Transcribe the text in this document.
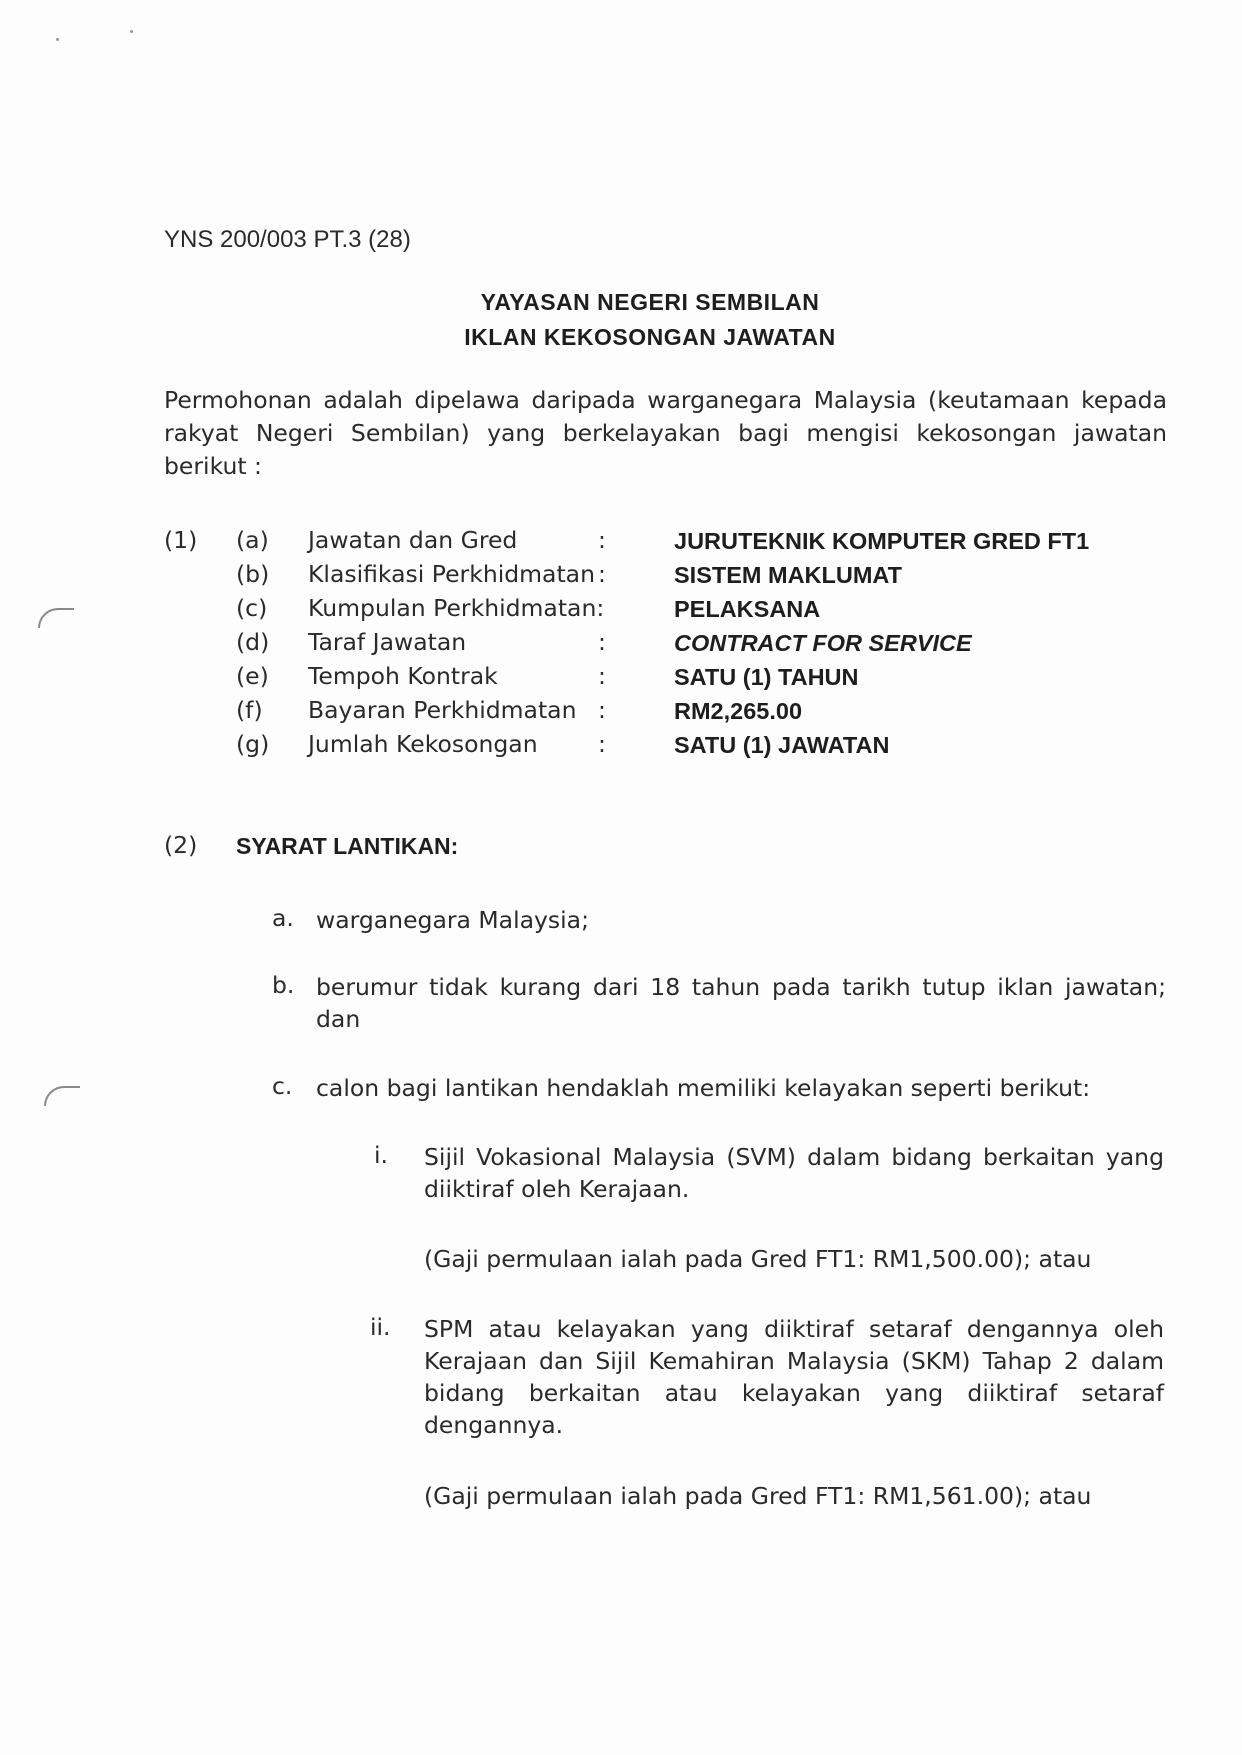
YNS 200/003 PT.3 (28)
YAYASAN NEGERI SEMBILAN
IKLAN KEKOSONGAN JAWATAN
Permohonan adalah dipelawa daripada warganegara Malaysia (keutamaan kepada rakyat Negeri Sembilan) yang berkelayakan bagi mengisi kekosongan jawatan berikut :
(1) (a) Jawatan dan Gred	:	JURUTEKNIK KOMPUTER GRED FT1
(b) Klasifikasi Perkhidmatan :	SISTEM MAKLUMAT
(c) Kumpulan Perkhidmatan:	PELAKSANA
(d) Taraf Jawatan	:	CONTRACT FOR SERVICE
(e) Tempoh Kontrak	:	SATU (1) TAHUN
(f) Bayaran Perkhidmatan :	RM2,265.00
(g) Jumlah Kekosongan	:	SATU (1) JAWATAN
(2) SYARAT LANTIKAN:
a. warganegara Malaysia;
b. berumur tidak kurang dari 18 tahun pada tarikh tutup iklan jawatan; dan
c. calon bagi lantikan hendaklah memiliki kelayakan seperti berikut:
i. Sijil Vokasional Malaysia (SVM) dalam bidang berkaitan yang diiktiraf oleh Kerajaan.
(Gaji permulaan ialah pada Gred FT1: RM1,500.00); atau
ii. SPM atau kelayakan yang diiktiraf setaraf dengannya oleh Kerajaan dan Sijil Kemahiran Malaysia (SKM) Tahap 2 dalam bidang berkaitan atau kelayakan yang diiktiraf setaraf dengannya.
(Gaji permulaan ialah pada Gred FT1: RM1,561.00); atau
